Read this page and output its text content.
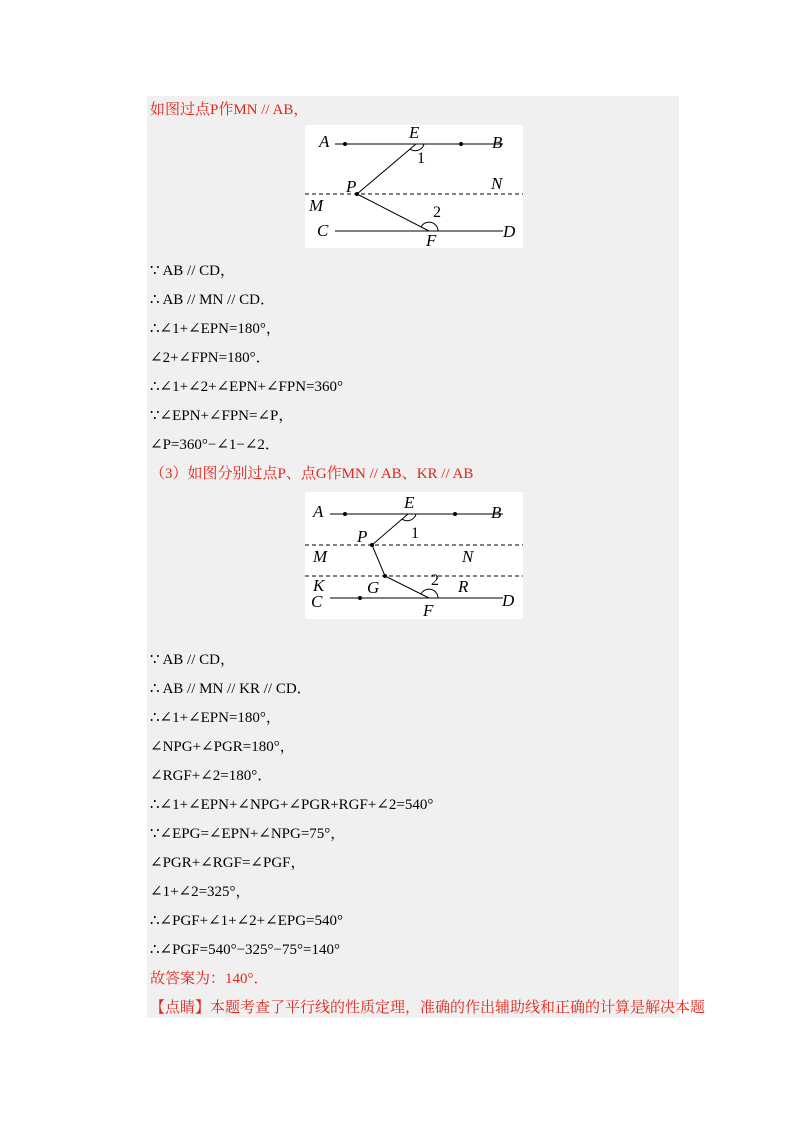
如图过点P作MN // AB，
A	B
E
1
P	N
M	2
C	D
F
∵ AB // CD，
∴ AB // MN // CD．
∴∠1+∠EPN=180°，
∠2+∠FPN=180°．
∴∠1+∠2+∠EPN+∠FPN=360°
∵∠EPN+∠FPN=∠P，
∠P=360°−∠1−∠2．
（3）如图分别过点P、点G作MN // AB、KR // AB
A	B
E
1
P
M	N
K	G	2 R
C	D
F
∵ AB // CD，
∴ AB // MN // KR // CD．
∴∠1+∠EPN=180°，
∠NPG+∠PGR=180°，
∠RGF+∠2=180°．
∴∠1+∠EPN+∠NPG+∠PGR+RGF+∠2=540°
∵∠EPG=∠EPN+∠NPG=75°，
∠PGR+∠RGF=∠PGF，
∠1+∠2=325°，
∴∠PGF+∠1+∠2+∠EPG=540°
∴∠PGF=540°−325°−75°=140°
故答案为：140°．
【点睛】本题考查了平行线的性质定理，准确的作出辅助线和正确的计算是解决本题
